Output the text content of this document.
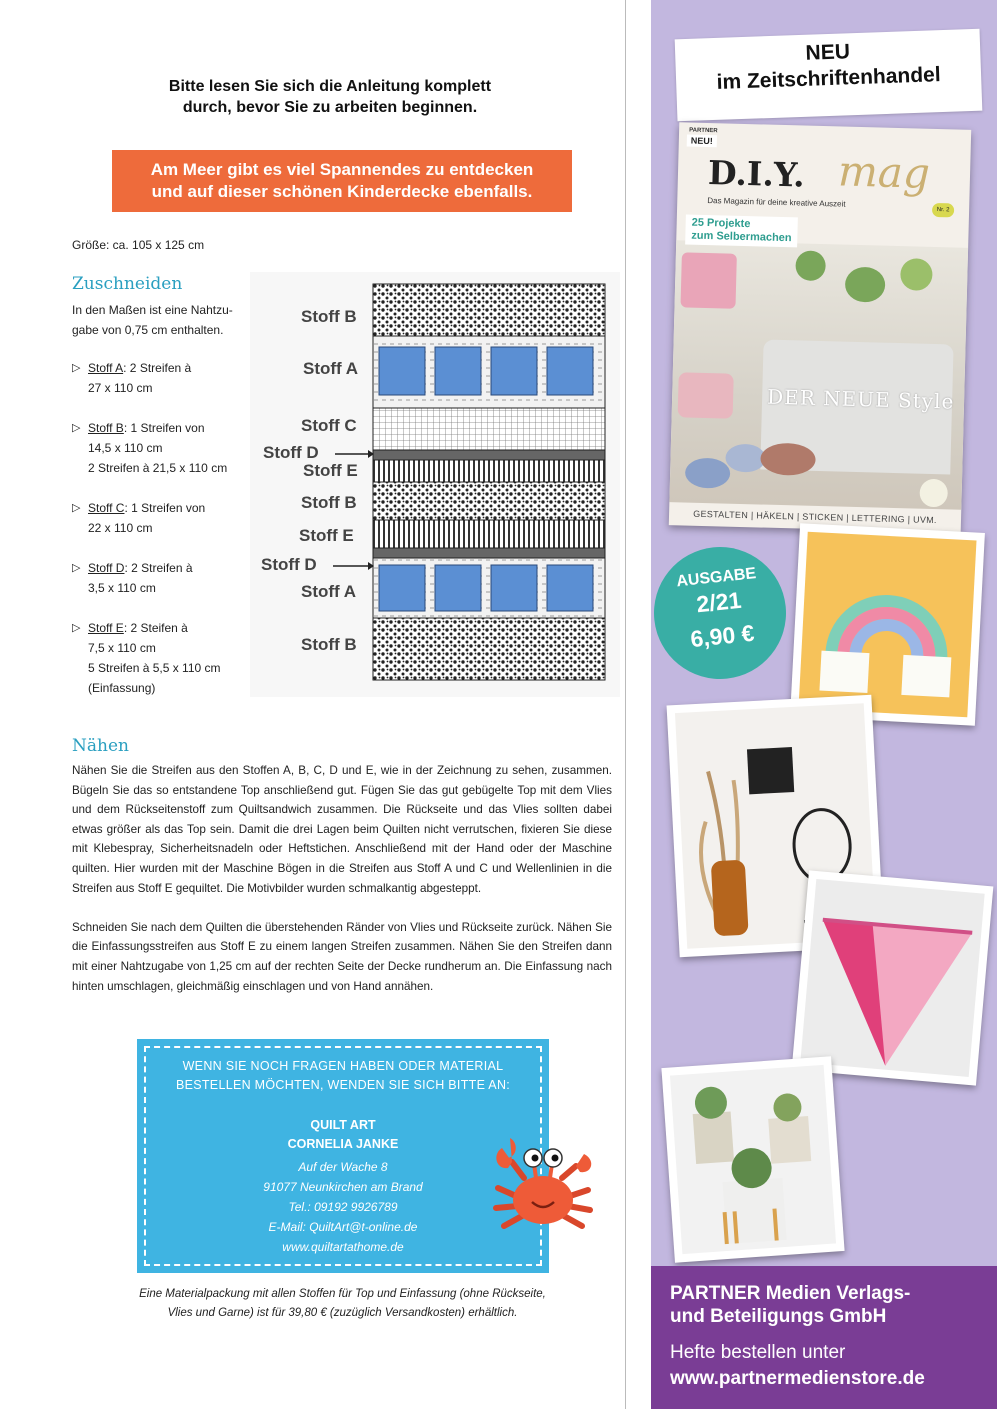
Bitte lesen Sie sich die Anleitung komplett
durch, bevor Sie zu arbeiten beginnen.
Am Meer gibt es viel Spannendes zu entdecken
und auf dieser schönen Kinderdecke ebenfalls.
Größe: ca. 105 x 125 cm
Zuschneiden
In den Maßen ist eine Nahtzu-
gabe von 0,75 cm enthalten.
▷ Stoff A: 2 Streifen à
27 x 110 cm
▷ Stoff B: 1 Streifen von
14,5 x 110 cm
2 Streifen à 21,5 x 110 cm
▷ Stoff C: 1 Streifen von
22 x 110 cm
▷ Stoff D: 2 Streifen à
3,5 x 110 cm
▷ Stoff E: 2 Steifen à
7,5 x 110 cm
5 Streifen à 5,5 x 110 cm
(Einfassung)
Stoff B
Stoff A
Stoff C
Stoff D
Stoff E
Stoff B
Stoff E
Stoff D
Stoff A
Stoff B
Nähen

Nähen Sie die Streifen aus den Stoffen A, B, C, D und E, wie in der Zeichnung zu sehen, zusammen. Bügeln Sie das so entstandene Top anschließend gut. Fügen Sie das gut gebügelte Top mit dem Vlies und dem Rückseitenstoff zum Quiltsandwich zusammen. Die Rückseite und das Vlies sollten dabei etwas größer als das Top sein. Damit die drei Lagen beim Quilten nicht verrutschen, fixieren Sie diese mit Klebespray, Sicherheitsnadeln oder Heftstichen. Anschließend mit der Hand oder der Maschine quilten. Hier wurden mit der Maschine Bögen in die Streifen aus Stoff A und C und Wellenlinien in die Streifen aus Stoff E gequiltet. Die Motivbilder wurden schmalkantig abgesteppt.

Schneiden Sie nach dem Quilten die überstehenden Ränder von Vlies und Rückseite zurück. Nähen Sie die Einfassungsstreifen aus Stoff E zu einem langen Streifen zusammen. Nähen Sie den Streifen dann mit einer Nahtzugabe von 1,25 cm auf der rechten Seite der Decke rundherum an. Die Einfassung nach hinten umschlagen, gleichmäßig einschlagen und von Hand annähen.

WENN SIE NOCH FRAGEN HABEN ODER MATERIAL
BESTELLEN MÖCHTEN, WENDEN SIE SICH BITTE AN:
QUILT ART
CORNELIA JANKE
Auf der Wache 8
91077 Neunkirchen am Brand
Tel.: 09192 9926789
E-Mail: QuiltArt@t-online.de
www.quiltartathome.de
Eine Materialpackung mit allen Stoffen für Top und Einfassung (ohne Rückseite,
Vlies und Garne) ist für 39,80 € (zuzüglich Versandkosten) erhältlich.
NEU
im Zeitschriftenhandel
PARTNER
NEU!
D.I.Y. mag
Das Magazin für deine kreative Auszeit
Nr. 2
25 Projekte
zum Selbermachen
DER NEUE Style
GESTALTEN | HÄKELN | STICKEN | LETTERING | UVM.
AUSGABE
2/21
6,90 €
PARTNER Medien Verlags-
und Beteiligungs GmbH
Hefte bestellen unter
www.partnermedienstore.de
